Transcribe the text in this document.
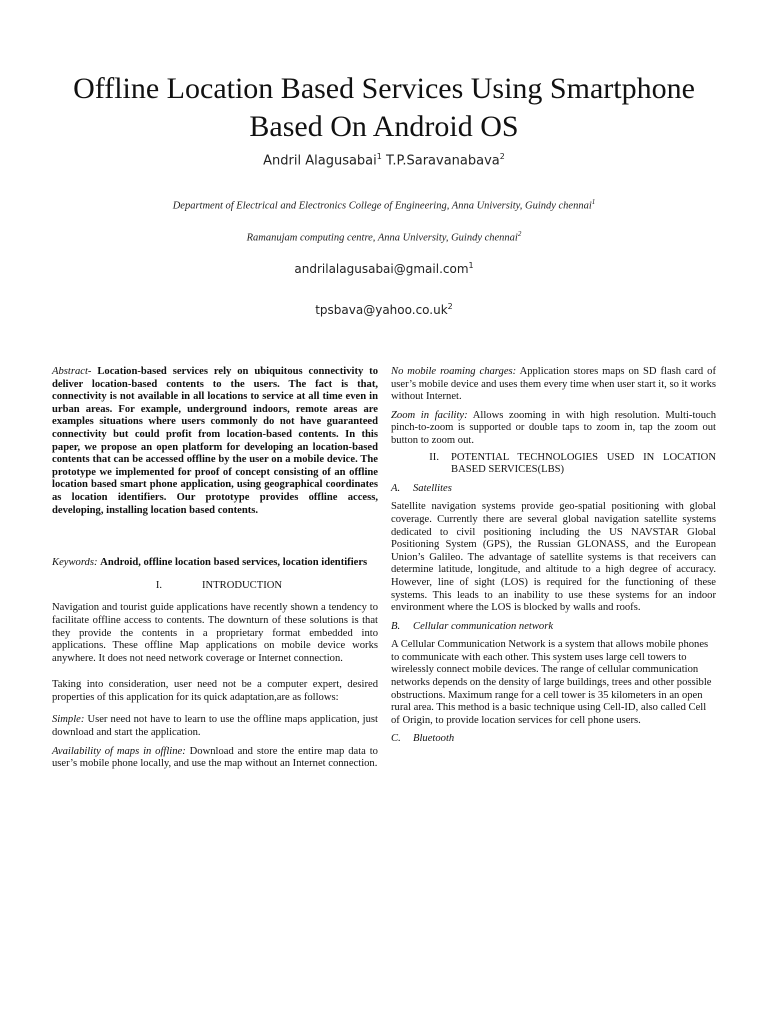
Offline Location Based Services Using Smartphone Based On Android OS
Andril Alagusabai$^1$ T.P.Saravanabava$^2$
Department of Electrical and Electronics College of Engineering, Anna University, Guindy chennai$^1$
Ramanujam computing centre, Anna University, Guindy chennai$^2$
andrilalagusabai@gmail.com$^1$
$tpsbava@yahoo.co.uk^2$

Abstract- Location-based services rely on ubiquitous connectivity to deliver location-based contents to the users. The fact is that, connectivity is not available in all locations to service at all time even in urban areas. For example, underground indoors, remote areas are examples situations where users commonly do not have guaranteed connectivity but could profit from location-based contents. In this paper, we propose an open platform for developing an location-based contents that can be accessed offline by the user on a mobile device. The prototype we implemented for proof of concept consisting of an offline location based smart phone application, using geographical coordinates as location identifiers. Our prototype provides offline access, developing, installing location based contents.

Keywords: Android, offline location based services, location identifiers

I.	INTRODUCTION

Navigation and tourist guide applications have recently shown a tendency to facilitate offline access to contents. The downturn of these solutions is that they provide the contents in a proprietary format embedded into applications. These offline Map applications on mobile device works anywhere. It does not need network coverage or Internet connection.

Taking into consideration, user need not be a computer expert, desired properties of this application for its quick adaptation,are as follows:

Simple: User need not have to learn to use the offline maps application, just download and start the application.

Availability of maps in offline: Download and store the entire map data to user’s mobile phone locally, and use the map without an Internet connection.

No mobile roaming charges: Application stores maps on SD flash card of user’s mobile device and uses them every time when user start it, so it works without Internet.

Zoom in facility: Allows zooming in with high resolution. Multi-touch pinch-to-zoom is supported or double taps to zoom in, tap the zoom out button to zoom out.

II.	POTENTIAL TECHNOLOGIES USED IN LOCATION BASED SERVICES(LBS)
A. Satellites

Satellite navigation systems provide geo-spatial positioning with global coverage. Currently there are several global navigation satellite systems dedicated to civil positioning including the US NAVSTAR Global Positioning System (GPS), the Russian GLONASS, and the European Union’s Galileo. The advantage of satellite systems is that receivers can determine latitude, longitude, and altitude to a high degree of accuracy. However, line of sight (LOS) is required for the functioning of these systems. This leads to an inability to use these systems for an indoor environment where the LOS is blocked by walls and roofs.

B. Cellular communication network

A Cellular Communication Network is a system that allows mobile phones to communicate with each other. This system uses large cell towers to wirelessly connect mobile devices. The range of cellular communication networks depends on the density of large buildings, trees and other possible obstructions. Maximum range for a cell tower is 35 kilometers in an open rural area. This method is a basic technique using Cell-ID, also called Cell of Origin, to provide location services for cell phone users.

C. Bluetooth
